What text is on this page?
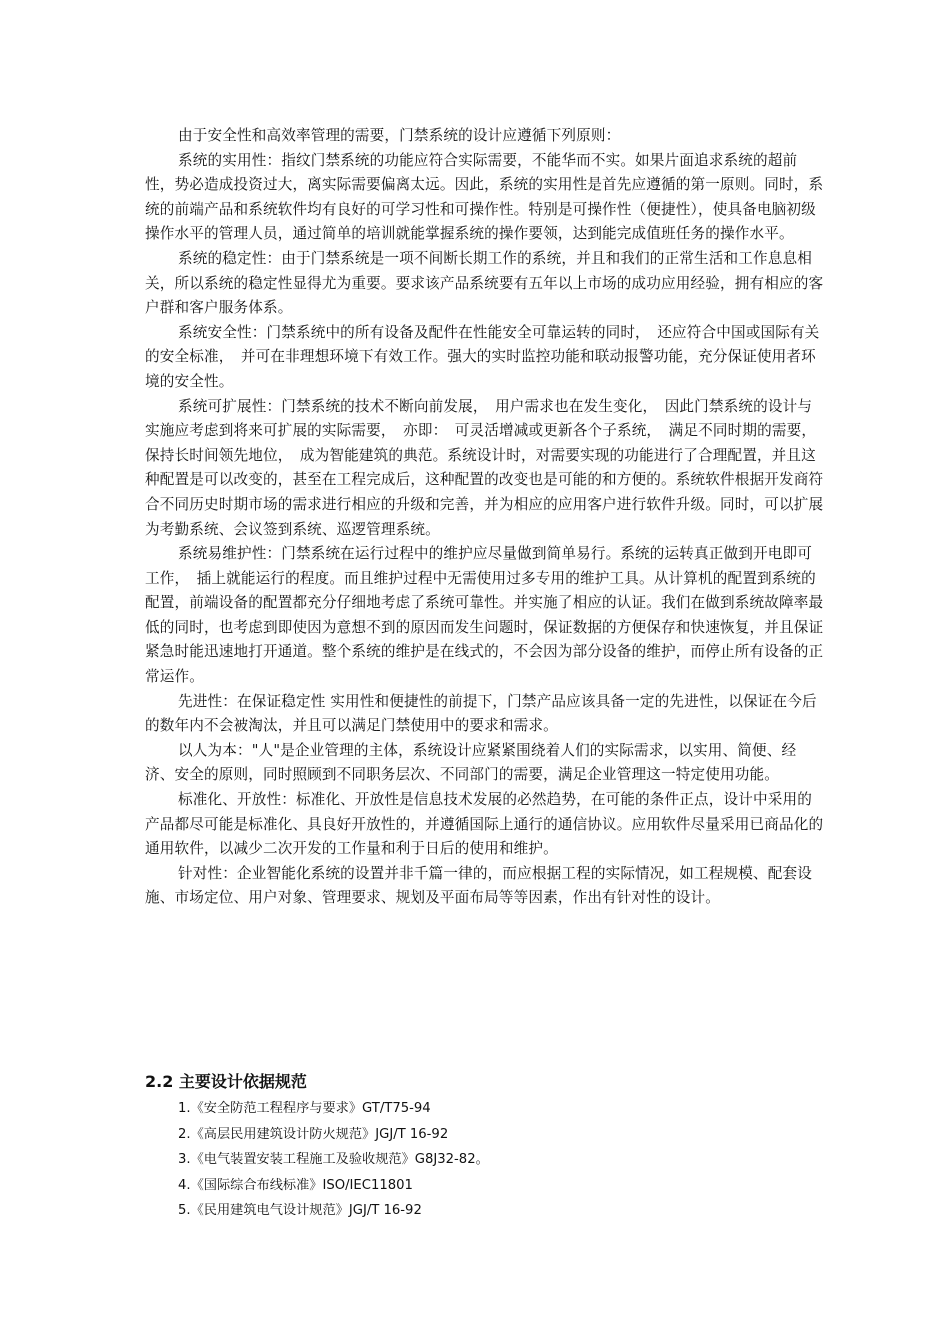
由于安全性和高效率管理的需要，门禁系统的设计应遵循下列原则：

系统的实用性：指纹门禁系统的功能应符合实际需要，不能华而不实。如果片面追求系统的超前性，势必造成投资过大，离实际需要偏离太远。因此，系统的实用性是首先应遵循的第一原则。同时，系统的前端产品和系统软件均有良好的可学习性和可操作性。特别是可操作性（便捷性），使具备电脑初级操作水平的管理人员，通过简单的培训就能掌握系统的操作要领，达到能完成值班任务的操作水平。

系统的稳定性：由于门禁系统是一项不间断长期工作的系统，并且和我们的正常生活和工作息息相关，所以系统的稳定性显得尤为重要。要求该产品系统要有五年以上市场的成功应用经验，拥有相应的客户群和客户服务体系。

系统安全性：门禁系统中的所有设备及配件在性能安全可靠运转的同时，　还应符合中国或国际有关的安全标准，　并可在非理想环境下有效工作。强大的实时监控功能和联动报警功能，充分保证使用者环境的安全性。

系统可扩展性：门禁系统的技术不断向前发展，　用户需求也在发生变化，　因此门禁系统的设计与实施应考虑到将来可扩展的实际需要，　亦即：　可灵活增减或更新各个子系统，　满足不同时期的需要，　保持长时间领先地位，　成为智能建筑的典范。系统设计时，对需要实现的功能进行了合理配置，并且这种配置是可以改变的，甚至在工程完成后，这种配置的改变也是可能的和方便的。系统软件根据开发商符合不同历史时期市场的需求进行相应的升级和完善，并为相应的应用客户进行软件升级。同时，可以扩展为考勤系统、会议签到系统、巡逻管理系统。

系统易维护性：门禁系统在运行过程中的维护应尽量做到简单易行。系统的运转真正做到开电即可工作，　插上就能运行的程度。而且维护过程中无需使用过多专用的维护工具。从计算机的配置到系统的配置，前端设备的配置都充分仔细地考虑了系统可靠性。并实施了相应的认证。我们在做到系统故障率最低的同时，也考虑到即使因为意想不到的原因而发生问题时，保证数据的方便保存和快速恢复，并且保证紧急时能迅速地打开通道。整个系统的维护是在线式的，不会因为部分设备的维护，而停止所有设备的正常运作。

先进性：在保证稳定性 实用性和便捷性的前提下，门禁产品应该具备一定的先进性，以保证在今后的数年内不会被淘汰，并且可以满足门禁使用中的要求和需求。

以人为本："人"是企业管理的主体，系统设计应紧紧围绕着人们的实际需求，以实用、简便、经济、安全的原则，同时照顾到不同职务层次、不同部门的需要，满足企业管理这一特定使用功能。

标准化、开放性：标准化、开放性是信息技术发展的必然趋势，在可能的条件正点，设计中采用的产品都尽可能是标准化、具良好开放性的，并遵循国际上通行的通信协议。应用软件尽量采用已商品化的通用软件，以减少二次开发的工作量和利于日后的使用和维护。

针对性：企业智能化系统的设置并非千篇一律的，而应根据工程的实际情况，如工程规模、配套设施、市场定位、用户对象、管理要求、规划及平面布局等等因素，作出有针对性的设计。

2.2 主要设计依据规范
1.《安全防范工程程序与要求》GT/T75-94
2.《高层民用建筑设计防火规范》JGJ/T 16-92
3.《电气装置安装工程施工及验收规范》G8J32-82。
4.《国际综合布线标准》ISO/IEC11801
5.《民用建筑电气设计规范》JGJ/T 16-92
